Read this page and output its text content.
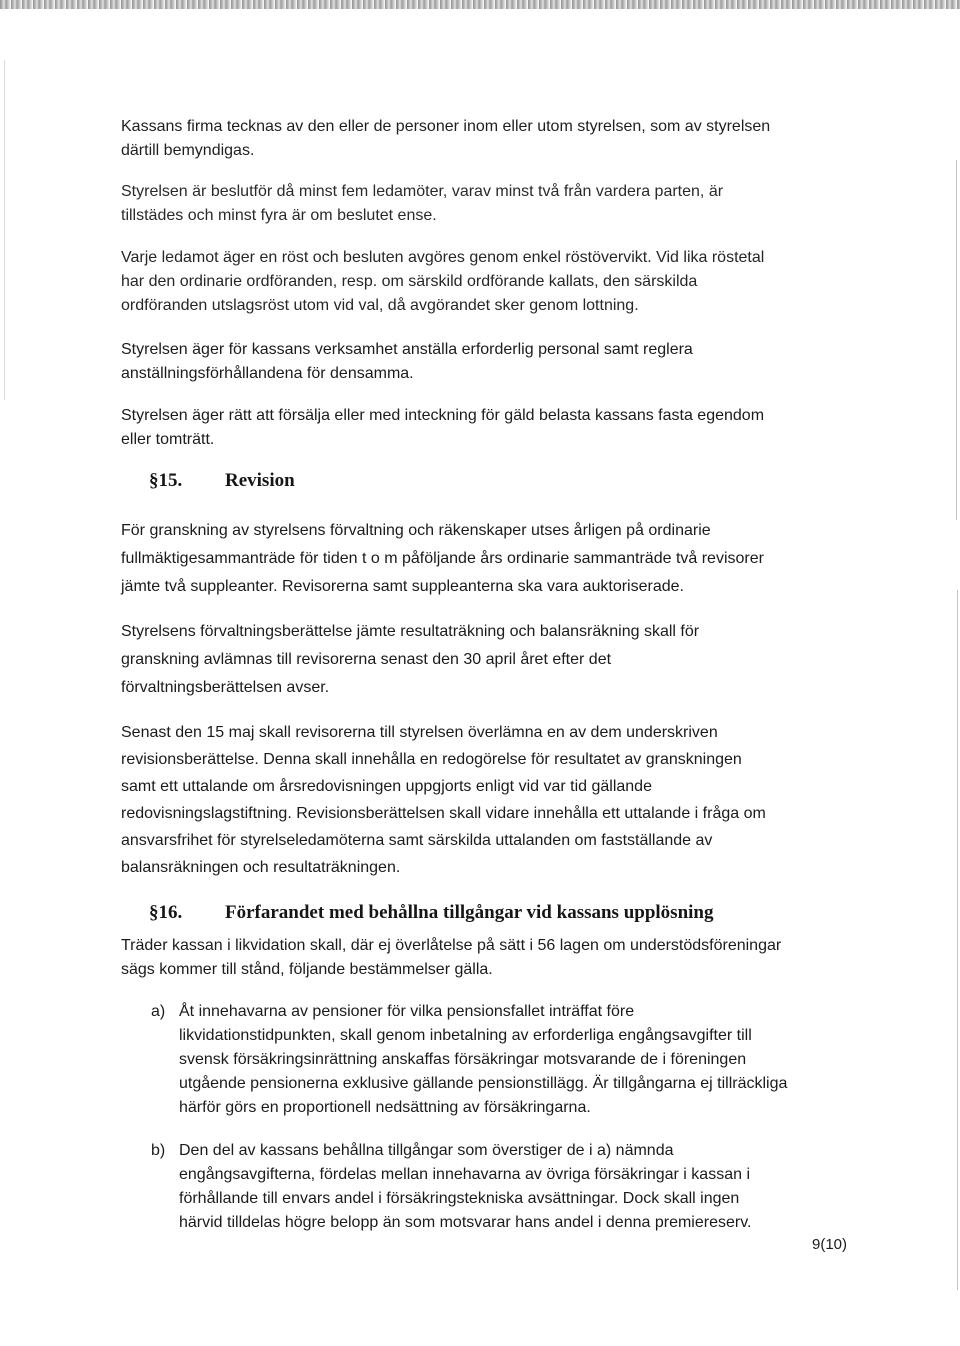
Kassans firma tecknas av den eller de personer inom eller utom styrelsen, som av styrelsen
därtill bemyndigas.
Styrelsen är beslutför då minst fem ledamöter, varav minst två från vardera parten, är
tillstädes och minst fyra är om beslutet ense.
Varje ledamot äger en röst och besluten avgöres genom enkel röstövervikt. Vid lika röstetal
har den ordinarie ordföranden, resp. om särskild ordförande kallats, den särskilda
ordföranden utslagsröst utom vid val, då avgörandet sker genom lottning.
Styrelsen äger för kassans verksamhet anställa erforderlig personal samt reglera
anställningsförhållandena för densamma.
Styrelsen äger rätt att försälja eller med inteckning för gäld belasta kassans fasta egendom
eller tomträtt.
§15. Revision
För granskning av styrelsens förvaltning och räkenskaper utses årligen på ordinarie
fullmäktigesammanträde för tiden t o m påföljande års ordinarie sammanträde två revisorer
jämte två suppleanter. Revisorerna samt suppleanterna ska vara auktoriserade.
Styrelsens förvaltningsberättelse jämte resultaträkning och balansräkning skall för
granskning avlämnas till revisorerna senast den 30 april året efter det
förvaltningsberättelsen avser.
Senast den 15 maj skall revisorerna till styrelsen överlämna en av dem underskriven
revisionsberättelse. Denna skall innehålla en redogörelse för resultatet av granskningen
samt ett uttalande om årsredovisningen uppgjorts enligt vid var tid gällande
redovisningslagstiftning. Revisionsberättelsen skall vidare innehålla ett uttalande i fråga om
ansvarsfrihet för styrelseledamöterna samt särskilda uttalanden om fastställande av
balansräkningen och resultaträkningen.
§16. Förfarandet med behållna tillgångar vid kassans upplösning
Träder kassan i likvidation skall, där ej överlåtelse på sätt i 56 lagen om understödsföreningar
sägs kommer till stånd, följande bestämmelser gälla.
a) Åt innehavarna av pensioner för vilka pensionsfallet inträffat före
likvidationstidpunkten, skall genom inbetalning av erforderliga engångsavgifter till
svensk försäkringsinrättning anskaffas försäkringar motsvarande de i föreningen
utgående pensionerna exklusive gällande pensionstillägg. Är tillgångarna ej tillräckliga
härför görs en proportionell nedsättning av försäkringarna.
b) Den del av kassans behållna tillgångar som överstiger de i a) nämnda
engångsavgifterna, fördelas mellan innehavarna av övriga försäkringar i kassan i
förhållande till envars andel i försäkringstekniska avsättningar. Dock skall ingen
härvid tilldelas högre belopp än som motsvarar hans andel i denna premiereserv.
9(10)
